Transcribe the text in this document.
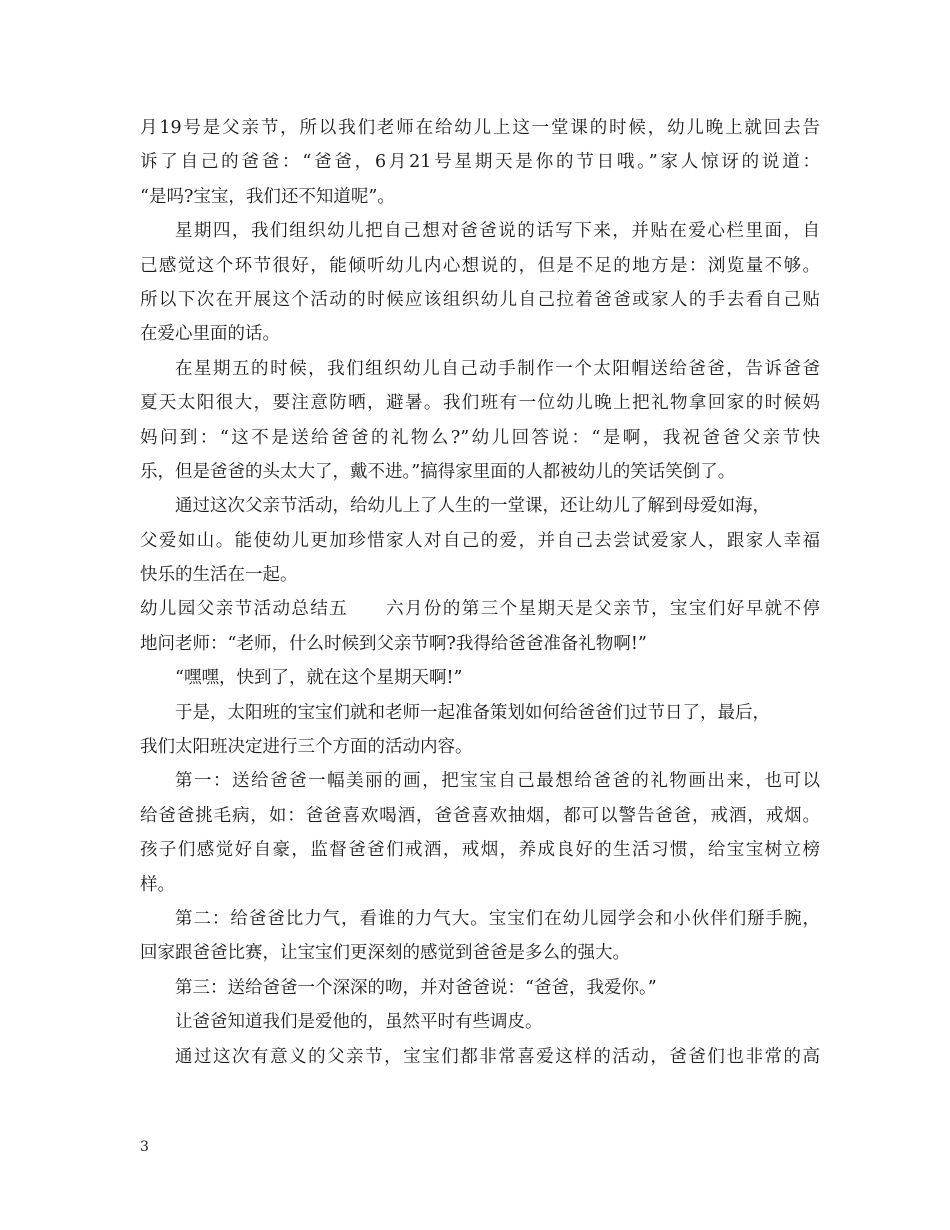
月19号是父亲节，所以我们老师在给幼儿上这一堂课的时候，幼儿晚上就回去告
诉了自己的爸爸：“爸爸，6月21号星期天是你的节日哦。”家人惊讶的说道：
“是吗?宝宝，我们还不知道呢”。
星期四，我们组织幼儿把自己想对爸爸说的话写下来，并贴在爱心栏里面，自
己感觉这个环节很好，能倾听幼儿内心想说的，但是不足的地方是：浏览量不够。
所以下次在开展这个活动的时候应该组织幼儿自己拉着爸爸或家人的手去看自己贴
在爱心里面的话。
在星期五的时候，我们组织幼儿自己动手制作一个太阳帽送给爸爸，告诉爸爸
夏天太阳很大，要注意防晒，避暑。我们班有一位幼儿晚上把礼物拿回家的时候妈
妈问到：“这不是送给爸爸的礼物么?”幼儿回答说：“是啊，我祝爸爸父亲节快
乐，但是爸爸的头太大了，戴不进。”搞得家里面的人都被幼儿的笑话笑倒了。
通过这次父亲节活动，给幼儿上了人生的一堂课，还让幼儿了解到母爱如海，
父爱如山。能使幼儿更加珍惜家人对自己的爱，并自己去尝试爱家人，跟家人幸福
快乐的生活在一起。
幼儿园父亲节活动总结五　　六月份的第三个星期天是父亲节，宝宝们好早就不停
地问老师：“老师，什么时候到父亲节啊?我得给爸爸准备礼物啊!”
“嘿嘿，快到了，就在这个星期天啊!”
于是，太阳班的宝宝们就和老师一起准备策划如何给爸爸们过节日了，最后，
我们太阳班决定进行三个方面的活动内容。
第一：送给爸爸一幅美丽的画，把宝宝自己最想给爸爸的礼物画出来，也可以
给爸爸挑毛病，如：爸爸喜欢喝酒，爸爸喜欢抽烟，都可以警告爸爸，戒酒，戒烟。
孩子们感觉好自豪，监督爸爸们戒酒，戒烟，养成良好的生活习惯，给宝宝树立榜
样。
第二：给爸爸比力气，看谁的力气大。宝宝们在幼儿园学会和小伙伴们掰手腕，
回家跟爸爸比赛，让宝宝们更深刻的感觉到爸爸是多么的强大。
第三：送给爸爸一个深深的吻，并对爸爸说：“爸爸，我爱你。”
让爸爸知道我们是爱他的，虽然平时有些调皮。
通过这次有意义的父亲节，宝宝们都非常喜爱这样的活动，爸爸们也非常的高
3
